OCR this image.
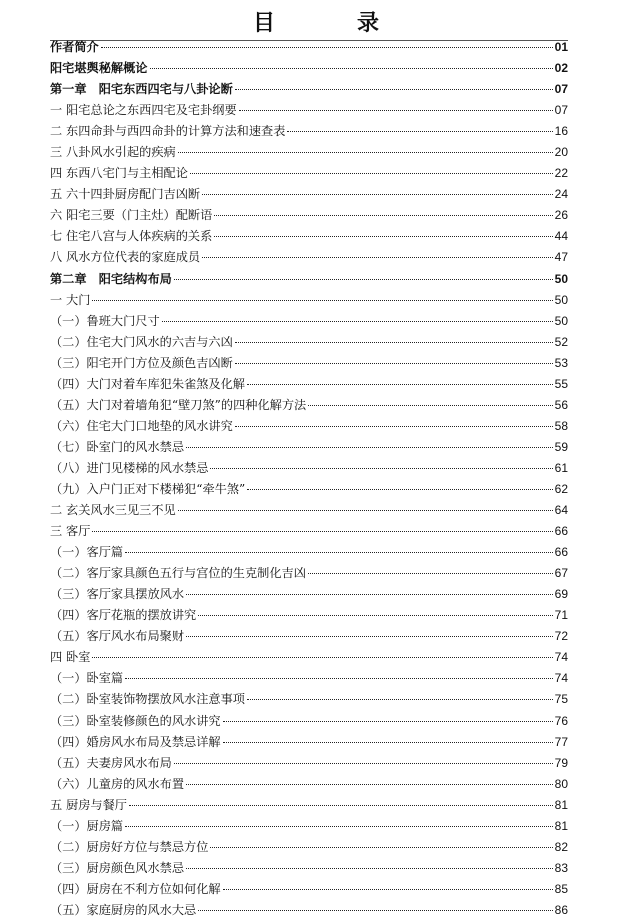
目　录
作者简介	01
阳宅堪舆秘解概论	02
第一章　阳宅东西四宅与八卦论断	07
一 阳宅总论之东西四宅及宅卦纲要	07
二 东四命卦与西四命卦的计算方法和速查表	16
三 八卦风水引起的疾病	20
四 东西八宅门与主相配论	22
五 六十四卦厨房配门吉凶断	24
六 阳宅三要（门主灶）配断语	26
七 住宅八宫与人体疾病的关系	44
八 风水方位代表的家庭成员	47
第二章　阳宅结构布局	50
一 大门	50
（一）鲁班大门尺寸	50
（二）住宅大门风水的六吉与六凶	52
（三）阳宅开门方位及颜色吉凶断	53
（四）大门对着车库犯朱雀煞及化解	55
（五）大门对着墙角犯“壁刀煞”的四种化解方法	56
（六）住宅大门口地垫的风水讲究	58
（七）卧室门的风水禁忌	59
（八）进门见楼梯的风水禁忌	61
（九）入户门正对下楼梯犯“牵牛煞”	62
二 玄关风水三见三不见	64
三 客厅	66
（一）客厅篇	66
（二）客厅家具颜色五行与宫位的生克制化吉凶	67
（三）客厅家具摆放风水	69
（四）客厅花瓶的摆放讲究	71
（五）客厅风水布局聚财	72
四 卧室	74
（一）卧室篇	74
（二）卧室装饰物摆放风水注意事项	75
（三）卧室装修颜色的风水讲究	76
（四）婚房风水布局及禁忌详解	77
（五）夫妻房风水布局	79
（六）儿童房的风水布置	80
五 厨房与餐厅	81
（一）厨房篇	81
（二）厨房好方位与禁忌方位	82
（三）厨房颜色风水禁忌	83
（四）厨房在不利方位如何化解	85
（五）家庭厨房的风水大忌	86
